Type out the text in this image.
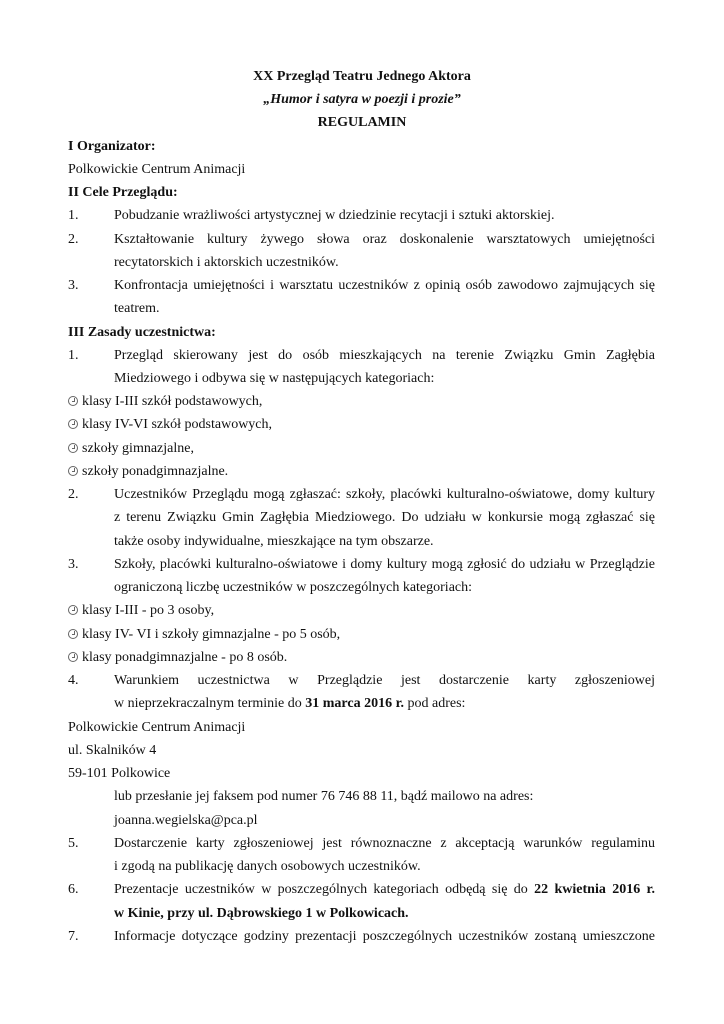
XX Przegląd Teatru Jednego Aktora
„Humor i satyra w poezji i prozie”
REGULAMIN
I Organizator:
Polkowickie Centrum Animacji
II Cele Przeglądu:
1.	Pobudzanie wrażliwości artystycznej w dziedzinie recytacji i sztuki aktorskiej.
2.	Kształtowanie kultury żywego słowa oraz doskonalenie warsztatowych umiejętności
recytatorskich i aktorskich uczestników.
3.	Konfrontacja umiejętności i warsztatu uczestników z opinią osób zawodowo zajmujących się
teatrem.
III Zasady uczestnictwa:
1.	Przegląd skierowany jest do osób mieszkających na terenie Związku Gmin Zagłębia
Miedziowego i odbywa się w następujących kategoriach:
klasy I-III szkół podstawowych,
klasy IV-VI szkół podstawowych,
szkoły gimnazjalne,
szkoły ponadgimnazjalne.
2.	Uczestników Przeglądu mogą zgłaszać: szkoły, placówki kulturalno-oświatowe, domy kultury
z terenu Związku Gmin Zagłębia Miedziowego. Do udziału w konkursie mogą zgłaszać się
także osoby indywidualne, mieszkające na tym obszarze.
3.	Szkoły, placówki kulturalno-oświatowe i domy kultury mogą zgłosić do udziału w Przeglądzie
ograniczoną liczbę uczestników w poszczególnych kategoriach:
klasy I-III - po 3 osoby,
klasy IV- VI i szkoły gimnazjalne - po 5 osób,
klasy ponadgimnazjalne - po 8 osób.
4.	Warunkiem uczestnictwa w Przeglądzie jest dostarczenie karty zgłoszeniowej
w nieprzekraczalnym terminie do 31 marca 2016 r. pod adres:
Polkowickie Centrum Animacji
ul. Skalników 4
59-101 Polkowice
lub przesłanie jej faksem pod numer 76 746 88 11, bądź mailowo na adres:
joanna.wegielska@pca.pl
5.	Dostarczenie karty zgłoszeniowej jest równoznaczne z akceptacją warunków regulaminu
i zgodą na publikację danych osobowych uczestników.
6.	Prezentacje uczestników w poszczególnych kategoriach odbędą się do 22 kwietnia 2016 r.
w Kinie, przy ul. Dąbrowskiego 1 w Polkowicach.
7.	Informacje dotyczące godziny prezentacji poszczególnych uczestników zostaną umieszczone
